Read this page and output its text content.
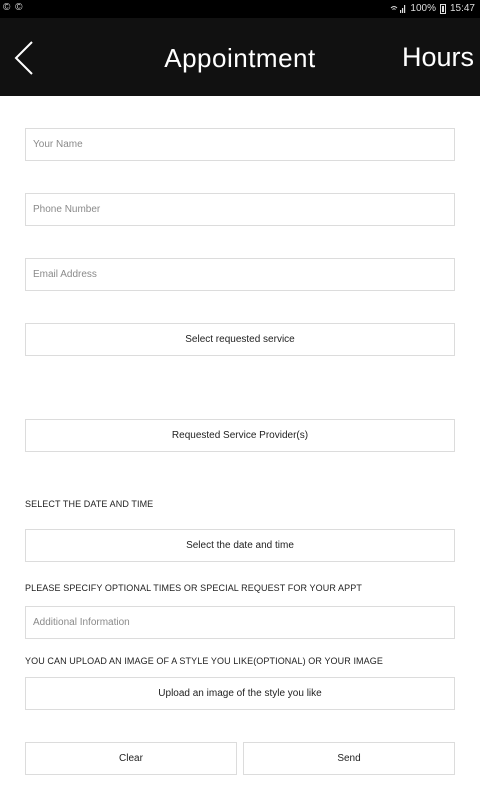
© ©	100% 15:47
Appointment	Hours
Your Name
Phone Number
Email Address
Select requested service
Requested Service Provider(s)
SELECT THE DATE AND TIME
Select the date and time
PLEASE SPECIFY OPTIONAL TIMES OR SPECIAL REQUEST FOR YOUR APPT
Additional Information
YOU CAN UPLOAD AN IMAGE OF A STYLE YOU LIKE(OPTIONAL) OR YOUR IMAGE
Upload an image of the style you like
Clear	Send
